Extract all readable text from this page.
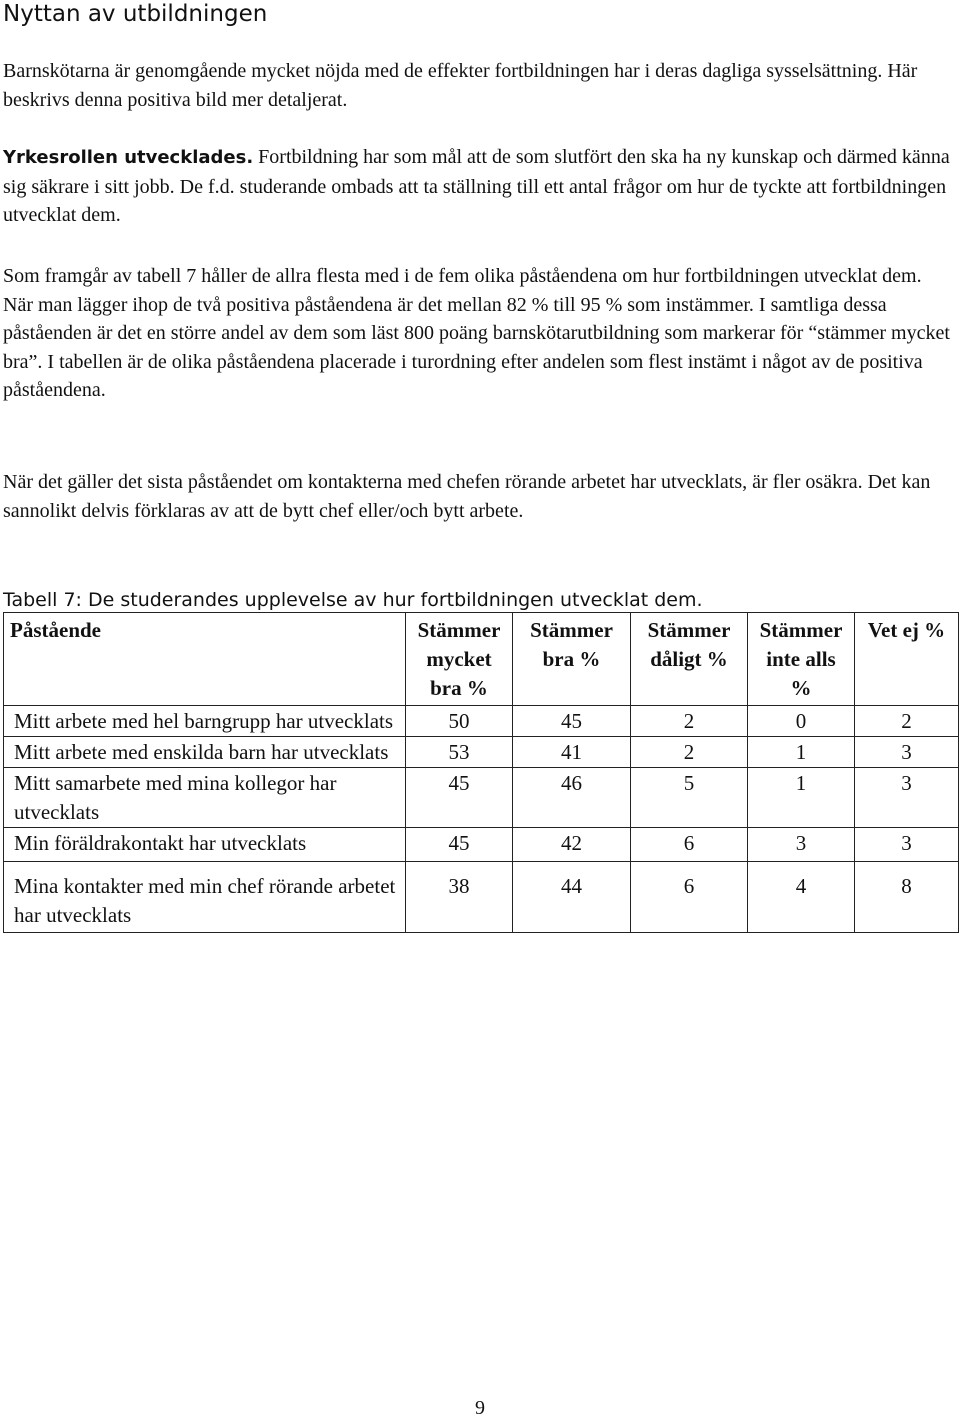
Nyttan av utbildningen

Barnskötarna är genomgående mycket nöjda med de effekter fortbildningen har i deras dagliga sysselsättning. Här beskrivs denna positiva bild mer detaljerat.

Yrkesrollen utvecklades. Fortbildning har som mål att de som slutfört den ska ha ny kunskap och därmed känna sig säkrare i sitt jobb. De f.d. studerande ombads att ta ställning till ett antal frågor om hur de tyckte att fortbildningen utvecklat dem.

Som framgår av tabell 7 håller de allra flesta med i de fem olika påståendena om hur fortbildningen utvecklat dem. När man lägger ihop de två positiva påståendena är det mellan 82 % till 95 % som instämmer. I samtliga dessa påståenden är det en större andel av dem som läst 800 poäng barnskötarutbildning som markerar för “stämmer mycket bra”. I tabellen är de olika påståendena placerade i turordning efter andelen som flest instämt i något av de positiva påståendena.

När det gäller det sista påståendet om kontakterna med chefen rörande arbetet har utvecklats, är fler osäkra. Det kan sannolikt delvis förklaras av att de bytt chef eller/och bytt arbete.

Tabell 7: De studerandes upplevelse av hur fortbildningen utvecklat dem.

Påstående	Stämmer mycket bra %	Stämmer bra %	Stämmer dåligt %	Stämmer inte alls %	Vet ej %
Mitt arbete med hel barngrupp har utvecklats	50	45	2	0	2
Mitt arbete med enskilda barn har utvecklats	53	41	2	1	3
Mitt samarbete med mina kollegor har utvecklats	45	46	5	1	3
Min föräldrakontakt har utvecklats	45	42	6	3	3
Mina kontakter med min chef rörande arbetet har utvecklats	38	44	6	4	8
9
